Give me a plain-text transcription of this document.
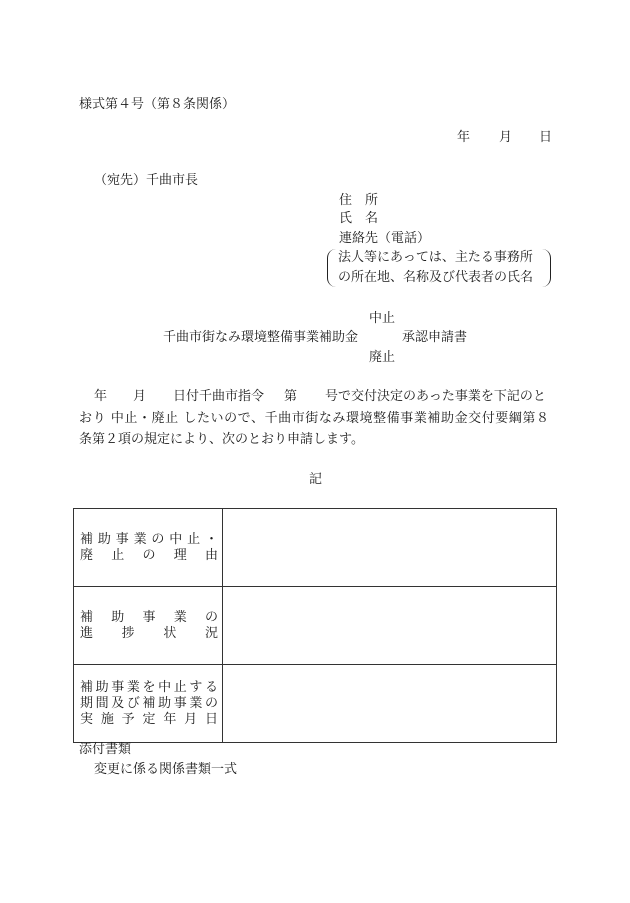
様式第４号（第８条関係）
年 月 日
（宛先）千曲市長
住　所
氏　名
連絡先（電話）
法人等にあっては、主たる事務所
の所在地、名称及び代表者の氏名
中止
千曲市街なみ環境整備事業補助金	承認申請書
廃止
年 月 日付千曲市指令 第 号で交付決定のあった事業を下記のと
おり 中止・廃止 したいので、千曲市街なみ環境整備事業補助金交付要綱第８
条第２項の規定により、次のとおり申請します。
記
補助事業の中止・
廃止の理由	

補助事業の
進捗状況	

補助事業を中止する
期間及び補助事業の
実施予定年月日	

添付書類
変更に係る関係書類一式
